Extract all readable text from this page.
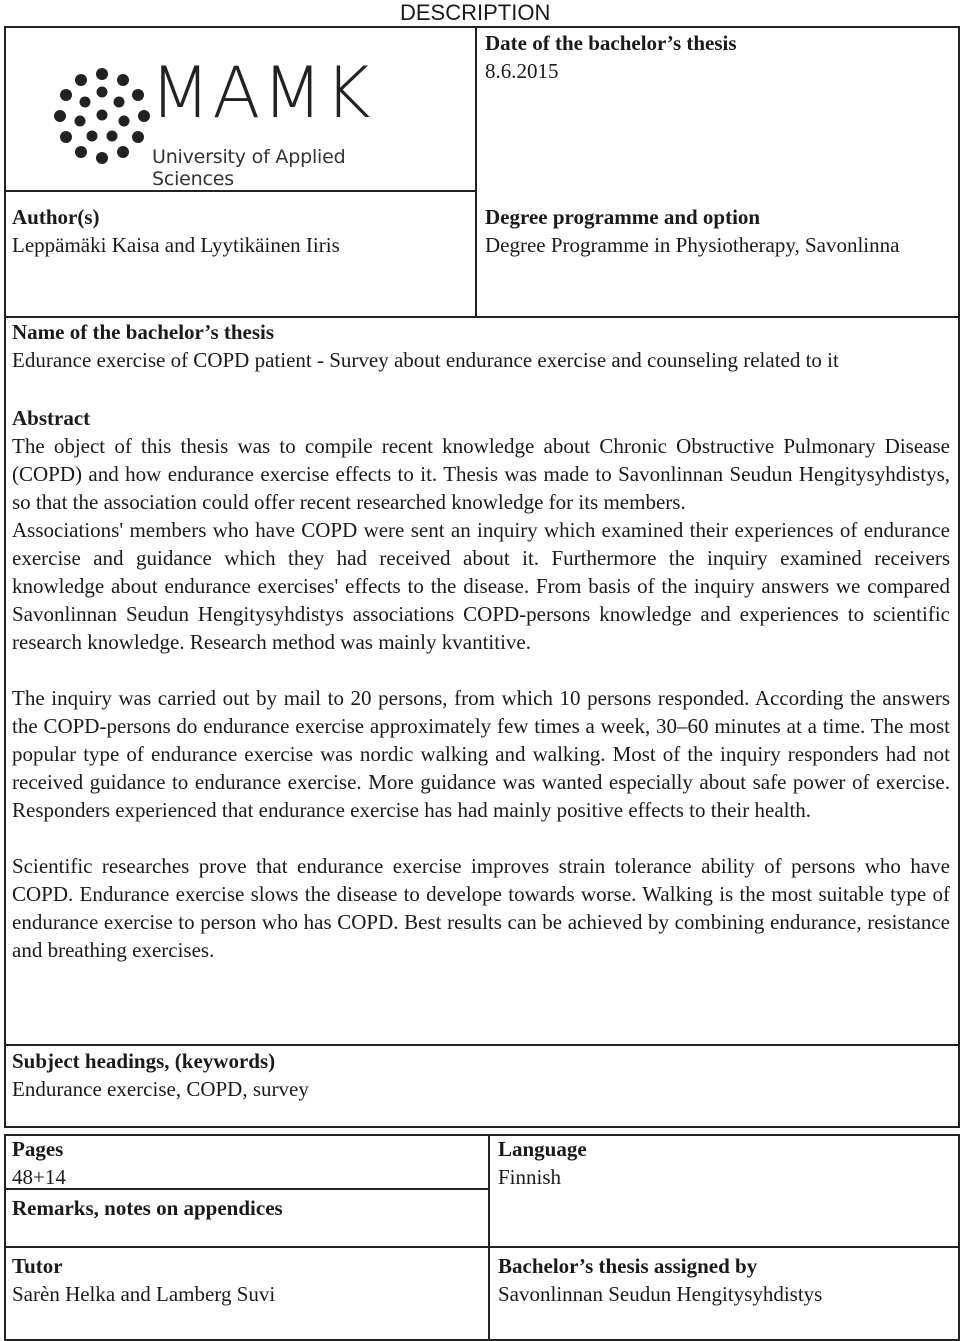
DESCRIPTION
MAMK
University of Applied Sciences
Date of the bachelor’s thesis
8.6.2015
Author(s)
Leppämäki Kaisa and Lyytikäinen Iiris
Degree programme and option
Degree Programme in Physiotherapy, Savonlinna
Name of the bachelor’s thesis
Edurance exercise of COPD patient - Survey about endurance exercise and counseling related to it
Abstract

The object of this thesis was to compile recent knowledge about Chronic Obstructive Pulmonary Disease (COPD) and how endurance exercise effects to it. Thesis was made to Savonlinnan Seudun Hengitysyhdistys, so that the association could offer recent researched knowledge for its members.

Associations' members who have COPD were sent an inquiry which examined their experiences of endurance exercise and guidance which they had received about it. Furthermore the inquiry examined receivers knowledge about endurance exercises' effects to the disease. From basis of the inquiry answers we compared Savonlinnan Seudun Hengitysyhdistys associations COPD-persons knowledge and experiences to scientific research knowledge. Research method was mainly kvantitive.

The inquiry was carried out by mail to 20 persons, from which 10 persons responded. According the answers the COPD-persons do endurance exercise approximately few times a week, 30–60 minutes at a time. The most popular type of endurance exercise was nordic walking and walking. Most of the inquiry responders had not received guidance to endurance exercise. More guidance was wanted especially about safe power of exercise. Responders experienced that endurance exercise has had mainly positive effects to their health.

Scientific researches prove that endurance exercise improves strain tolerance ability of persons who have COPD. Endurance exercise slows the disease to develope towards worse. Walking is the most suitable type of endurance exercise to person who has COPD. Best results can be achieved by combining endurance, resistance and breathing exercises.

Subject headings, (keywords)
Endurance exercise, COPD, survey
Pages
48+14
Language
Finnish
Remarks, notes on appendices
Tutor
Sarèn Helka and Lamberg Suvi
Bachelor’s thesis assigned by
Savonlinnan Seudun Hengitysyhdistys
